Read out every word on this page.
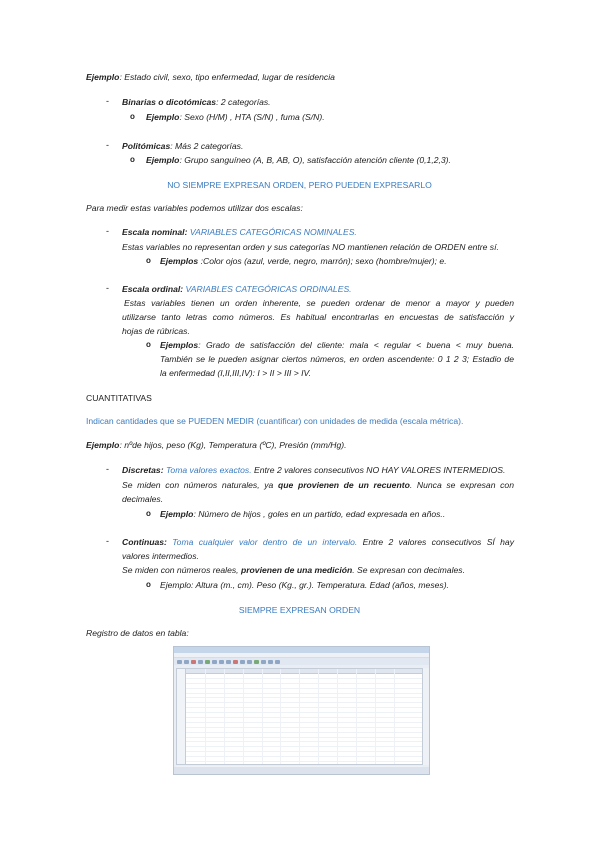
Ejemplo: Estado civil, sexo, tipo enfermedad, lugar de residencia
- Binarias o dicotómicas: 2 categorías.
o Ejemplo: Sexo (H/M) , HTA (S/N) , fuma (S/N).
- Politómicas: Más 2 categorías.
o Ejemplo: Grupo sanguíneo (A, B, AB, O), satisfacción atención cliente (0,1,2,3).
NO SIEMPRE EXPRESAN ORDEN, PERO PUEDEN EXPRESARLO
Para medir estas variables podemos utilizar dos escalas:
- Escala nominal: VARIABLES CATEGÓRICAS NOMINALES.
Estas variables no representan orden y sus categorías NO mantienen relación de ORDEN entre sí.
o Ejemplos :Color ojos (azul, verde, negro, marrón); sexo (hombre/mujer); e.
- Escala ordinal: VARIABLES CATEGÓRICAS ORDINALES.
Estas variables tienen un orden inherente, se pueden ordenar de menor a mayor y pueden
utilizarse tanto letras como números. Es habitual encontrarlas en encuestas de satisfacción y
hojas de rúbricas.
o Ejemplos: Grado de satisfacción del cliente: mala < regular < buena < muy buena.
También se le pueden asignar ciertos números, en orden ascendente: 0 1 2 3; Estadio de
la enfermedad (I,II,III,IV): I > II > III > IV.
CUANTITATIVAS
Indican cantidades que se PUEDEN MEDIR (cuantificar) con unidades de medida (escala métrica).
Ejemplo: nºde hijos, peso (Kg), Temperatura (ºC), Presión (mm/Hg).
- Discretas: Toma valores exactos. Entre 2 valores consecutivos NO HAY VALORES INTERMEDIOS.
Se miden con números naturales, ya que provienen de un recuento. Nunca se expresan con
decimales.
o Ejemplo: Número de hijos , goles en un partido, edad expresada en años..
- Continuas: Toma cualquier valor dentro de un intervalo. Entre 2 valores consecutivos SÍ hay
valores intermedios.
Se miden con números reales, provienen de una medición. Se expresan con decimales.
o Ejemplo: Altura (m., cm). Peso (Kg., gr.). Temperatura. Edad (años, meses).
SIEMPRE EXPRESAN ORDEN
Registro de datos en tabla:
